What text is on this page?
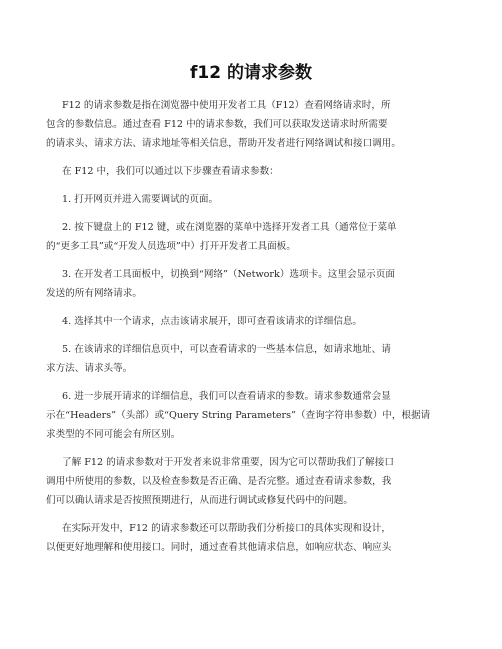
f12 的请求参数

F12 的请求参数是指在浏览器中使用开发者工具（F12）查看网络请求时，所

包含的参数信息。通过查看 F12 中的请求参数，我们可以获取发送请求时所需要

的请求头、请求方法、请求地址等相关信息，帮助开发者进行网络调试和接口调用。

在 F12 中，我们可以通过以下步骤查看请求参数：

1. 打开网页并进入需要调试的页面。

2. 按下键盘上的 F12 键，或在浏览器的菜单中选择开发者工具（通常位于菜单

的“更多工具”或“开发人员选项”中）打开开发者工具面板。

3. 在开发者工具面板中，切换到“网络”（Network）选项卡。这里会显示页面

发送的所有网络请求。

4. 选择其中一个请求，点击该请求展开，即可查看该请求的详细信息。

5. 在该请求的详细信息页中，可以查看请求的一些基本信息，如请求地址、请

求方法、请求头等。

6. 进一步展开请求的详细信息，我们可以查看请求的参数。请求参数通常会显

示在“Headers”（头部）或“Query String Parameters”（查询字符串参数）中，根据请

求类型的不同可能会有所区别。

了解 F12 的请求参数对于开发者来说非常重要，因为它可以帮助我们了解接口

调用中所使用的参数，以及检查参数是否正确、是否完整。通过查看请求参数，我

们可以确认请求是否按照预期进行，从而进行调试或修复代码中的问题。

在实际开发中，F12 的请求参数还可以帮助我们分析接口的具体实现和设计，

以便更好地理解和使用接口。同时，通过查看其他请求信息，如响应状态、响应头
